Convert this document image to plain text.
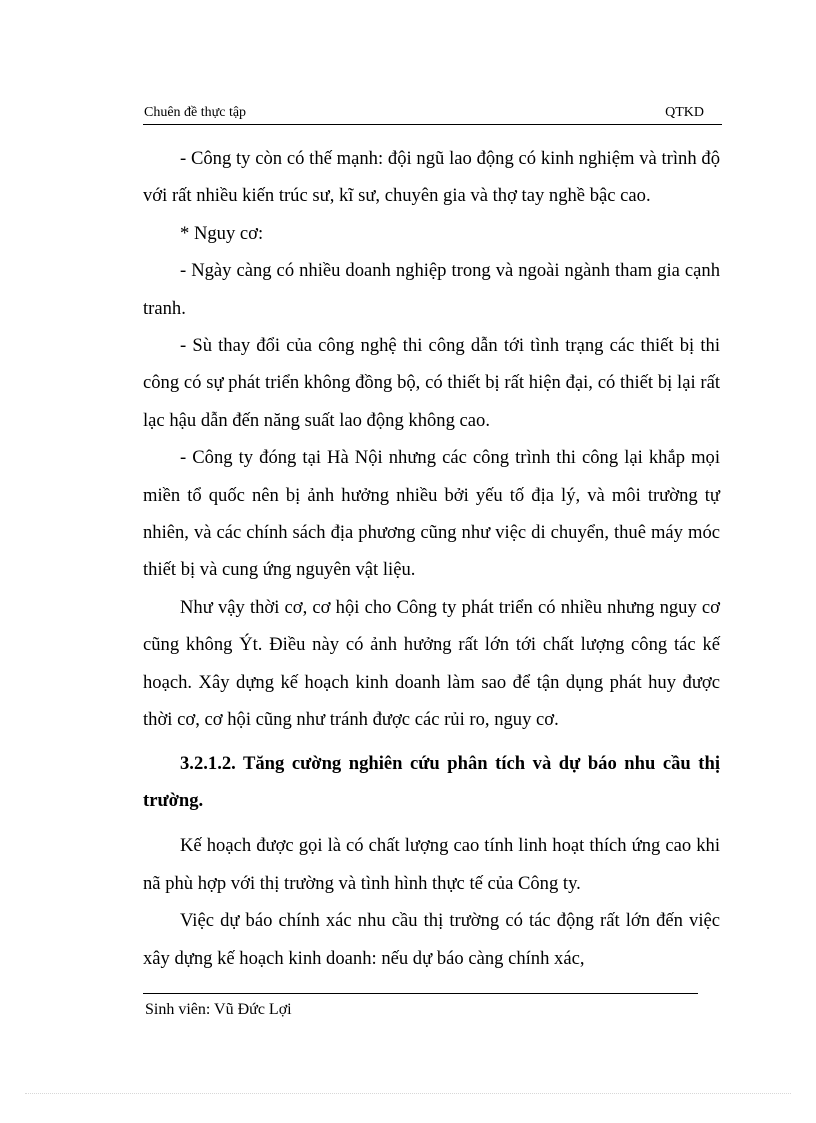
Chuên đề thực tập	QTKD

- Công ty còn có thế mạnh: đội ngũ lao động có kinh nghiệm và trình độ với rất nhiều kiến trúc sư, kĩ sư, chuyên gia và thợ tay nghề bậc cao.

* Nguy cơ:

- Ngày càng có nhiều doanh nghiệp trong và ngoài ngành tham gia cạnh tranh.

- Sù thay đổi của công nghệ thi công dẫn tới tình trạng các thiết bị thi công có sự phát triển không đồng bộ, có thiết bị rất hiện đại, có thiết bị lại rất lạc hậu dẫn đến năng suất lao động không cao.

- Công ty đóng tại Hà Nội nhưng các công trình thi công lại khắp mọi miền tổ quốc nên bị ảnh hưởng nhiều bởi yếu tố địa lý, và môi trường tự nhiên, và các chính sách địa phương cũng như việc di chuyển, thuê máy móc thiết bị và cung ứng nguyên vật liệu.

Như vậy thời cơ, cơ hội cho Công ty phát triển có nhiều nhưng nguy cơ cũng không Ýt. Điều này có ảnh hưởng rất lớn tới chất lượng công tác kế hoạch. Xây dựng kế hoạch kinh doanh làm sao để tận dụng phát huy được thời cơ, cơ hội cũng như tránh được các rủi ro, nguy cơ.

3.2.1.2. Tăng cường nghiên cứu phân tích và dự báo nhu cầu thị trường.

Kế hoạch được gọi là có chất lượng cao tính linh hoạt thích ứng cao khi nã phù hợp với thị trường và tình hình thực tế của Công ty.

Việc dự báo chính xác nhu cầu thị trường có tác động rất lớn đến việc xây dựng kế hoạch kinh doanh: nếu dự báo càng chính xác,

Sinh viên: Vũ Đức Lợi
